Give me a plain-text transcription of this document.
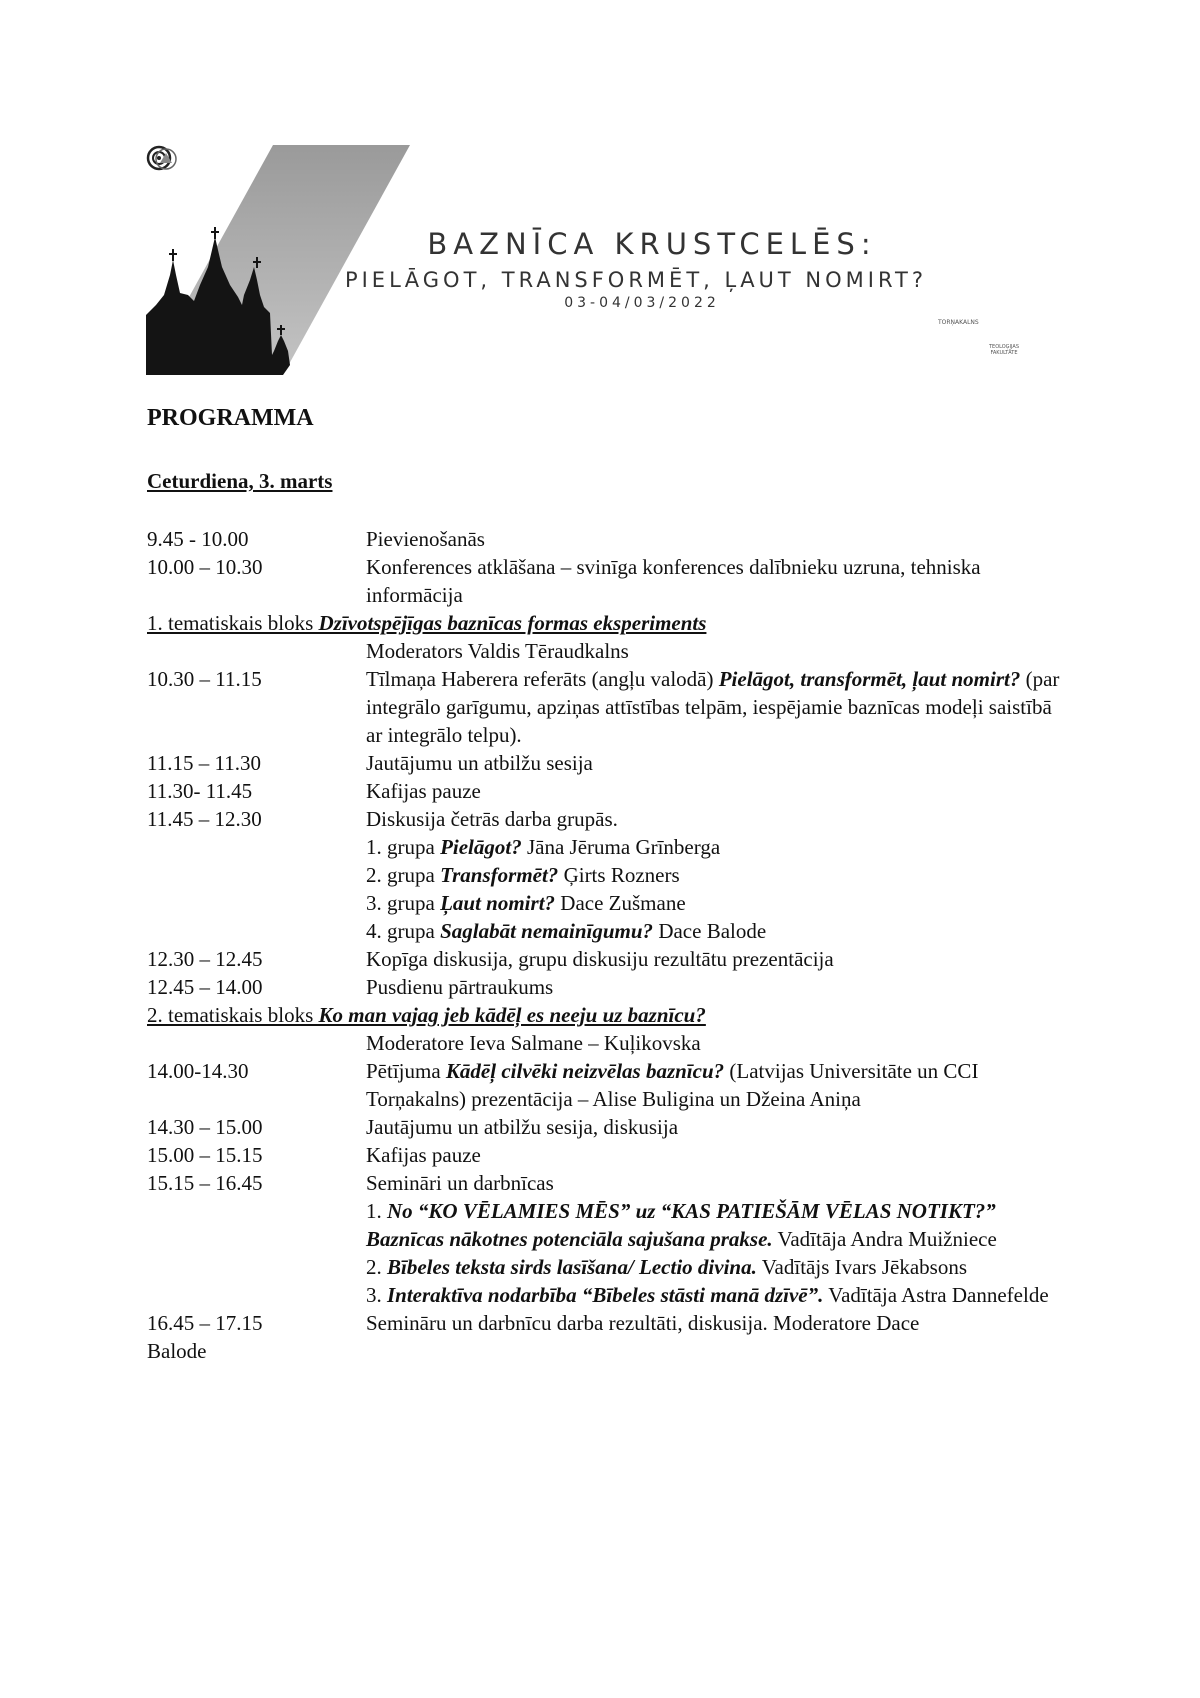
BAZNĪCA KRUSTCELĒS:
PIELĀGOT, TRANSFORMĒT, ĻAUT NOMIRT?
03-04/03/2022
TORŅAKALNS
TEOLOĢIJAS FAKULTĀTE
PROGRAMMA
Ceturdiena, 3. marts
9.45 - 10.00	Pievienošanās
10.00 – 10.30	Konferences atklāšana – svinīga konferences dalībnieku uzruna, tehniska informācija
1. tematiskais bloks Dzīvotspējīgas baznīcas formas eksperiments
Moderators Valdis Tēraudkalns
10.30 – 11.15	Tīlmaņa Haberera referāts (angļu valodā) Pielāgot, transformēt, ļaut nomirt? (par integrālo garīgumu, apziņas attīstības telpām, iespējamie baznīcas modeļi saistībā ar integrālo telpu).
11.15 – 11.30	Jautājumu un atbilžu sesija
11.30- 11.45	Kafijas pauze
11.45 – 12.30	Diskusija četrās darba grupās.
1. grupa Pielāgot? Jāna Jēruma Grīnberga
2. grupa Transformēt? Ģirts Rozners
3. grupa Ļaut nomirt? Dace Zušmane
4. grupa Saglabāt nemainīgumu? Dace Balode
12.30 – 12.45	Kopīga diskusija, grupu diskusiju rezultātu prezentācija
12.45 – 14.00	Pusdienu pārtraukums
2. tematiskais bloks Ko man vajag jeb kādēļ es neeju uz baznīcu?
Moderatore Ieva Salmane – Kuļikovska
14.00-14.30	Pētījuma Kādēļ cilvēki neizvēlas baznīcu? (Latvijas Universitāte un CCI Torņakalns) prezentācija – Alise Buligina un Džeina Aniņa
14.30 – 15.00	Jautājumu un atbilžu sesija, diskusija
15.00 – 15.15	Kafijas pauze
15.15 – 16.45	Semināri un darbnīcas
1. No “KO VĒLAMIES MĒS” uz “KAS PATIEŠĀM VĒLAS NOTIKT?” Baznīcas nākotnes potenciāla sajušana prakse. Vadītāja Andra Muižniece
2. Bībeles teksta sirds lasīšana/ Lectio divina. Vadītājs Ivars Jēkabsons
3. Interaktīva nodarbība “Bībeles stāsti manā dzīvē”. Vadītāja Astra Dannefelde
16.45 – 17.15	Semināru un darbnīcu darba rezultāti, diskusija. Moderatore Dace
Balode
